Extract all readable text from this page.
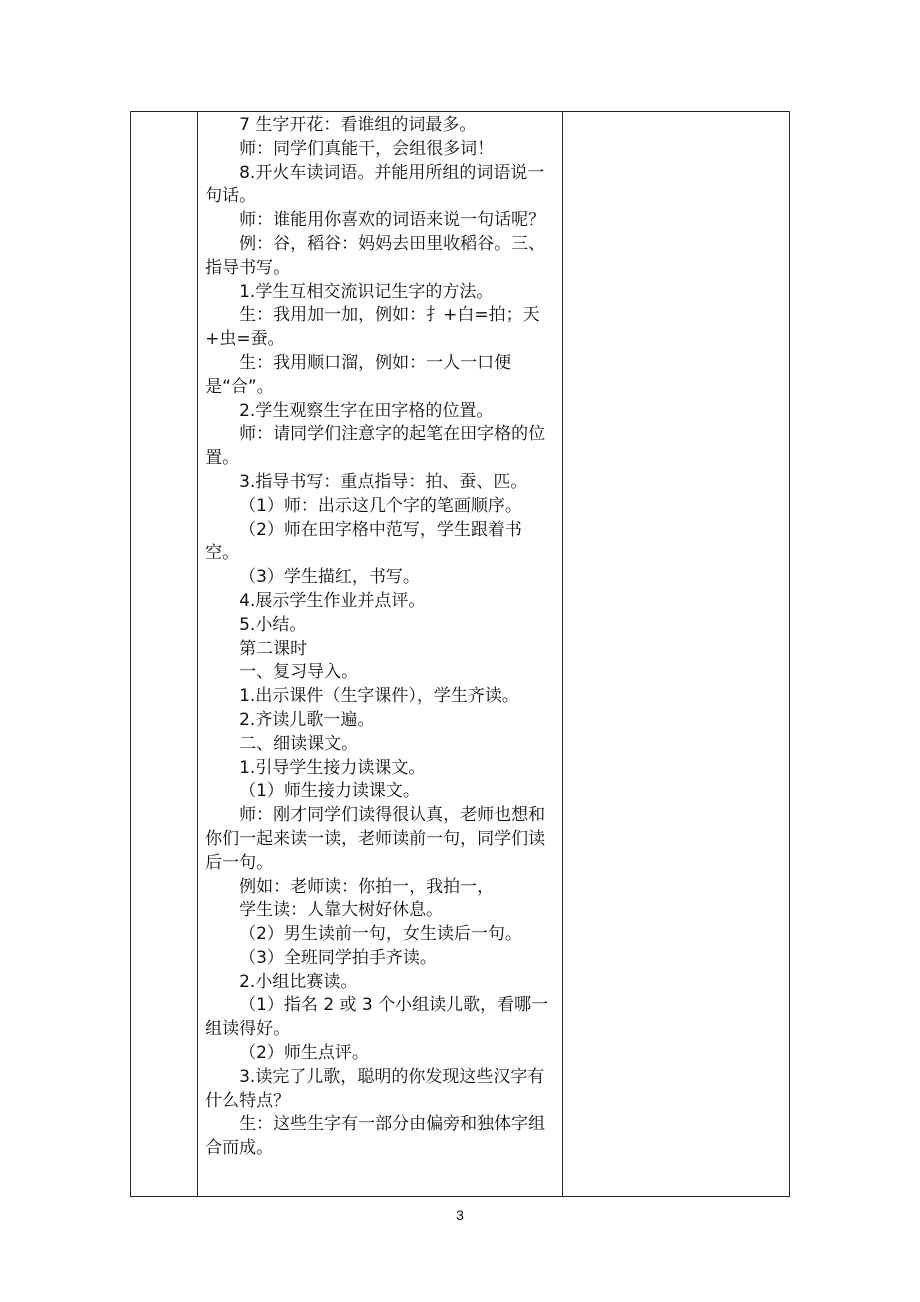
7 生字开花：看谁组的词最多。

师：同学们真能干，会组很多词！

8.开火车读词语。并能用所组的词语说一句话。

师：谁能用你喜欢的词语来说一句话呢？

例：谷，稻谷：妈妈去田里收稻谷。三、指导书写。

1.学生互相交流识记生字的方法。

生：我用加一加，例如：扌+白=拍；天+虫=蚕。

生：我用顺口溜，例如：一人一口便是“合”。

2.学生观察生字在田字格的位置。

师：请同学们注意字的起笔在田字格的位置。

3.指导书写：重点指导：拍、蚕、匹。

（1）师：出示这几个字的笔画顺序。

（2）师在田字格中范写，学生跟着书空。

（3）学生描红，书写。

4.展示学生作业并点评。

5.小结。

第二课时

一、复习导入。

1.出示课件（生字课件），学生齐读。

2.齐读儿歌一遍。

二、细读课文。

1.引导学生接力读课文。

（1）师生接力读课文。

师：刚才同学们读得很认真，老师也想和你们一起来读一读，老师读前一句，同学们读后一句。

例如：老师读：你拍一，我拍一，

学生读：人靠大树好休息。

（2）男生读前一句，女生读后一句。

（3）全班同学拍手齐读。

2.小组比赛读。

（1）指名 2 或 3 个小组读儿歌，看哪一组读得好。

（2）师生点评。

3.读完了儿歌，聪明的你发现这些汉字有什么特点？

生：这些生字有一部分由偏旁和独体字组合而成。

3
